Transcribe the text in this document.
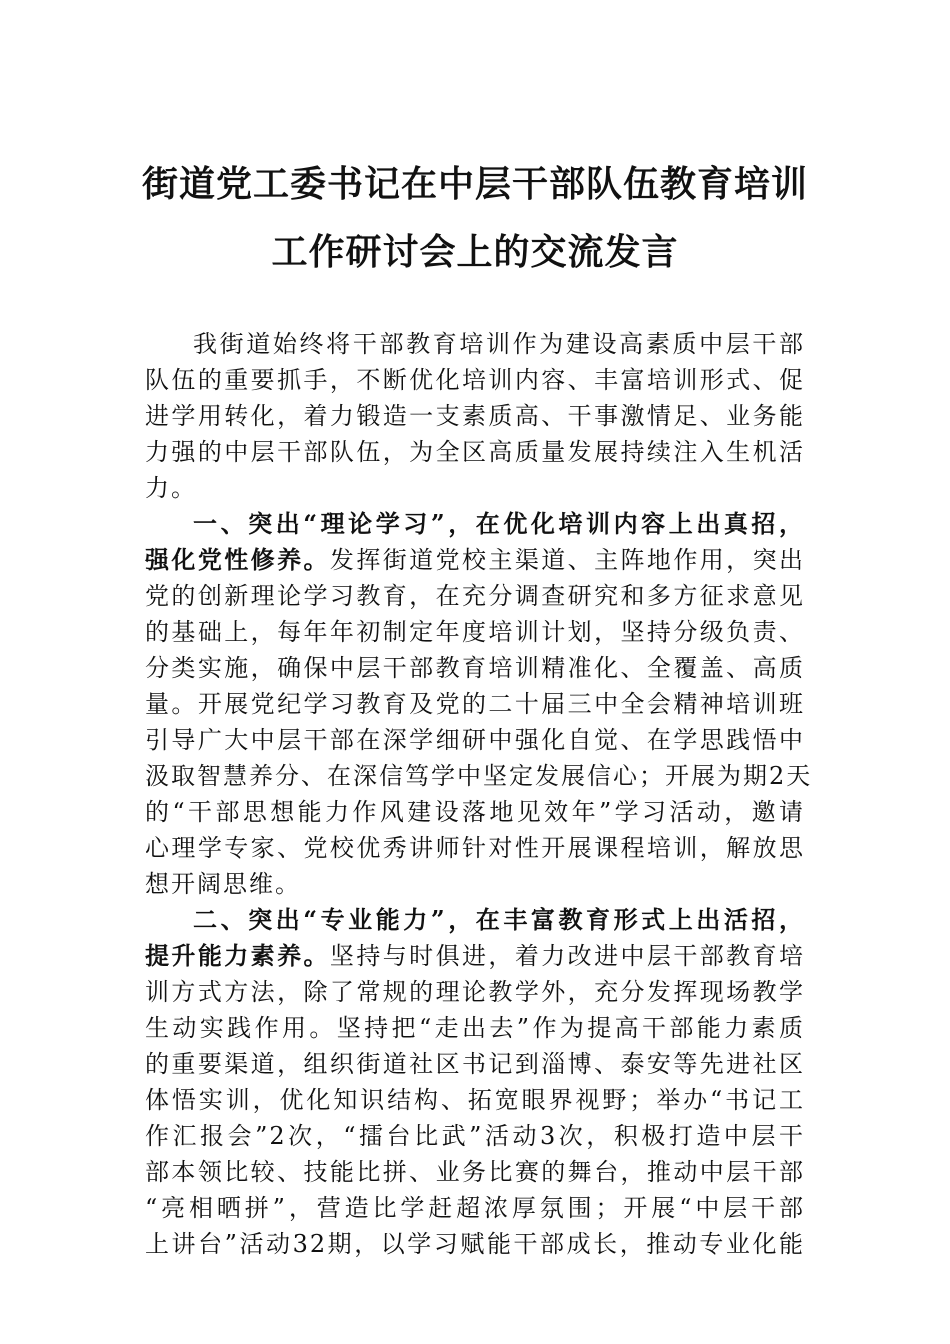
街道党工委书记在中层干部队伍教育培训
工作研讨会上的交流发言
我街道始终将干部教育培训作为建设高素质中层干部
队伍的重要抓手，不断优化培训内容、丰富培训形式、促
进学用转化，着力锻造一支素质高、干事激情足、业务能
力强的中层干部队伍，为全区高质量发展持续注入生机活
力。
一、突出“理论学习”，在优化培训内容上出真招，
强化党性修养。发挥街道党校主渠道、主阵地作用，突出
党的创新理论学习教育，在充分调查研究和多方征求意见
的基础上，每年年初制定年度培训计划，坚持分级负责、
分类实施，确保中层干部教育培训精准化、全覆盖、高质
量。开展党纪学习教育及党的二十届三中全会精神培训班
引导广大中层干部在深学细研中强化自觉、在学思践悟中
汲取智慧养分、在深信笃学中坚定发展信心；开展为期2天
的“干部思想能力作风建设落地见效年”学习活动，邀请
心理学专家、党校优秀讲师针对性开展课程培训，解放思
想开阔思维。
二、突出“专业能力”，在丰富教育形式上出活招，
提升能力素养。坚持与时俱进，着力改进中层干部教育培
训方式方法，除了常规的理论教学外，充分发挥现场教学
生动实践作用。坚持把“走出去”作为提高干部能力素质
的重要渠道，组织街道社区书记到淄博、泰安等先进社区
体悟实训，优化知识结构、拓宽眼界视野；举办“书记工
作汇报会”2次，“擂台比武”活动3次，积极打造中层干
部本领比较、技能比拼、业务比赛的舞台，推动中层干部
“亮相晒拼”，营造比学赶超浓厚氛围；开展“中层干部
上讲台”活动32期，以学习赋能干部成长，推动专业化能
